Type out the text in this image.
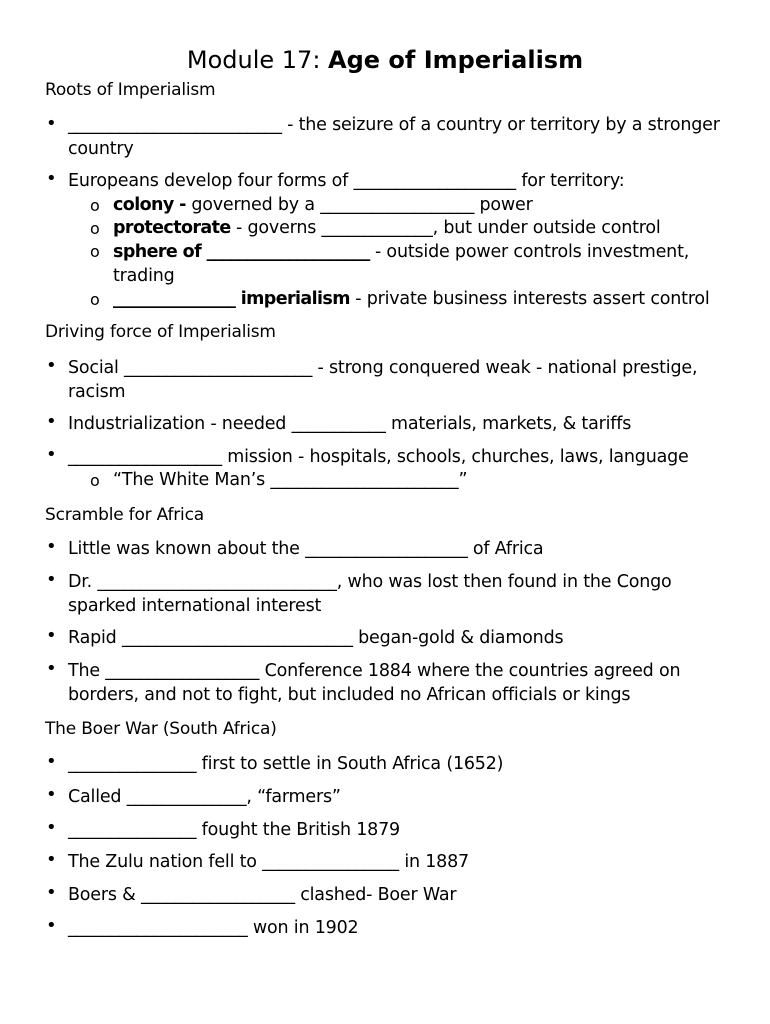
Module 17: Age of Imperialism
Roots of Imperialism
• _________________________ - the seizure of a country or territory by a stronger country
• Europeans develop four forms of ___________________ for territory:
o colony - governed by a __________________ power
o protectorate - governs _____________, but under outside control
o sphere of ____________________ - outside power controls investment, trading
o _______________ imperialism - private business interests assert control
Driving force of Imperialism
• Social ______________________ - strong conquered weak - national prestige, racism
• Industrialization - needed ___________ materials, markets, & tariffs
• __________________ mission - hospitals, schools, churches, laws, language
o “The White Man’s ______________________”
Scramble for Africa
• Little was known about the ___________________ of Africa
• Dr. ____________________________, who was lost then found in the Congo sparked international interest
• Rapid ___________________________ began-gold & diamonds
• The __________________ Conference 1884 where the countries agreed on borders, and not to fight, but included no African officials or kings
The Boer War (South Africa)
• _______________ first to settle in South Africa (1652)
• Called ______________, “farmers”
• _______________ fought the British 1879
• The Zulu nation fell to ________________ in 1887
• Boers & __________________ clashed- Boer War
• _____________________ won in 1902
